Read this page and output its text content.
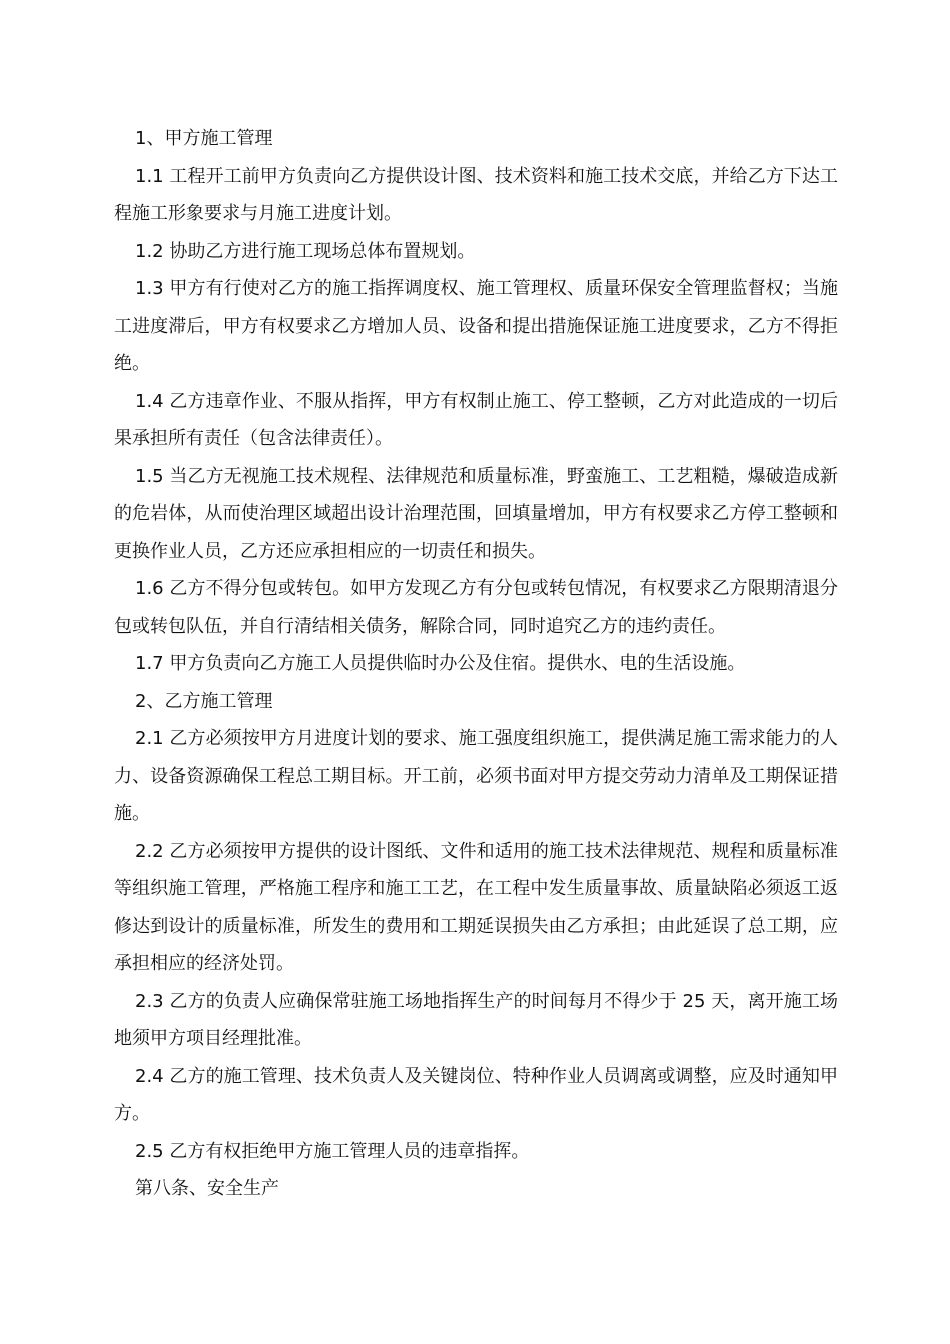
1、甲方施工管理

1.1 工程开工前甲方负责向乙方提供设计图、技术资料和施工技术交底，并给乙方下达工程施工形象要求与月施工进度计划。

1.2 协助乙方进行施工现场总体布置规划。

1.3 甲方有行使对乙方的施工指挥调度权、施工管理权、质量环保安全管理监督权；当施工进度滞后，甲方有权要求乙方增加人员、设备和提出措施保证施工进度要求，乙方不得拒绝。

1.4 乙方违章作业、不服从指挥，甲方有权制止施工、停工整顿，乙方对此造成的一切后果承担所有责任（包含法律责任）。

1.5 当乙方无视施工技术规程、法律规范和质量标准，野蛮施工、工艺粗糙，爆破造成新的危岩体，从而使治理区域超出设计治理范围，回填量增加，甲方有权要求乙方停工整顿和更换作业人员，乙方还应承担相应的一切责任和损失。

1.6 乙方不得分包或转包。如甲方发现乙方有分包或转包情况，有权要求乙方限期清退分包或转包队伍，并自行清结相关债务，解除合同，同时追究乙方的违约责任。

1.7 甲方负责向乙方施工人员提供临时办公及住宿。提供水、电的生活设施。

2、乙方施工管理

2.1 乙方必须按甲方月进度计划的要求、施工强度组织施工，提供满足施工需求能力的人力、设备资源确保工程总工期目标。开工前，必须书面对甲方提交劳动力清单及工期保证措施。

2.2 乙方必须按甲方提供的设计图纸、文件和适用的施工技术法律规范、规程和质量标准等组织施工管理，严格施工程序和施工工艺，在工程中发生质量事故、质量缺陷必须返工返修达到设计的质量标准，所发生的费用和工期延误损失由乙方承担；由此延误了总工期，应承担相应的经济处罚。

2.3 乙方的负责人应确保常驻施工场地指挥生产的时间每月不得少于 25 天，离开施工场地须甲方项目经理批准。

2.4 乙方的施工管理、技术负责人及关键岗位、特种作业人员调离或调整，应及时通知甲方。

2.5 乙方有权拒绝甲方施工管理人员的违章指挥。

第八条、安全生产
